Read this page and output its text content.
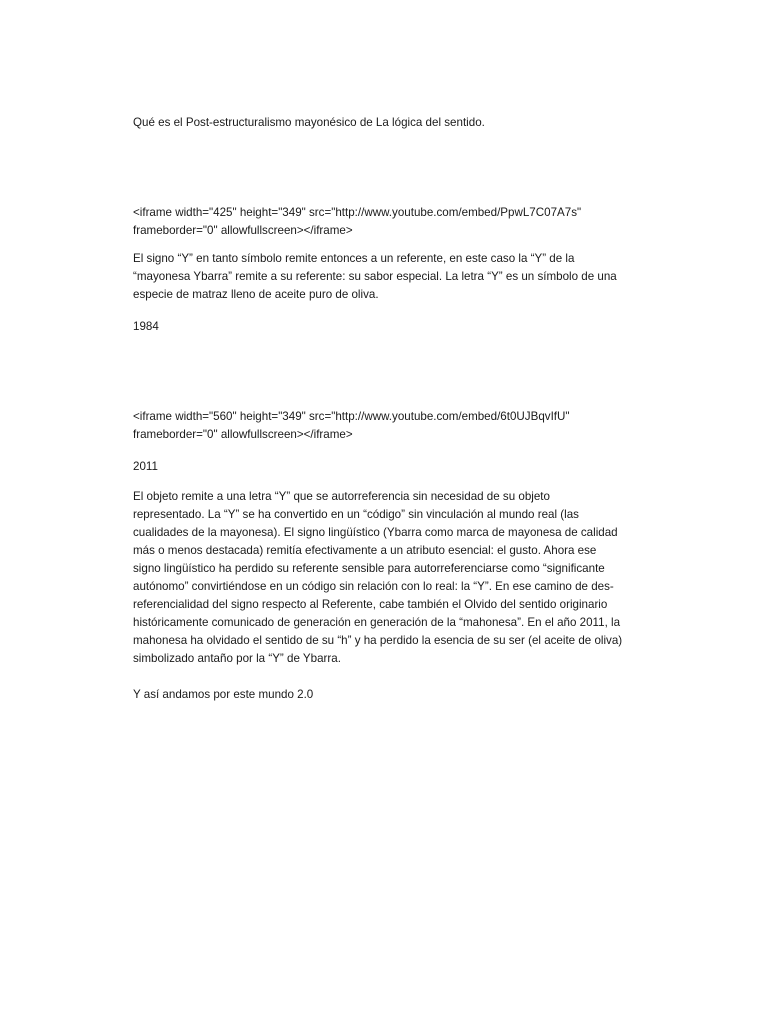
Qué es el Post-estructuralismo mayonésico de La lógica del sentido.
<iframe width="425" height="349" src="http://www.youtube.com/embed/PpwL7C07A7s"
frameborder="0" allowfullscreen></iframe>
El signo “Y” en tanto símbolo remite entonces a un referente, en este caso la “Y” de la
“mayonesa Ybarra” remite a su referente: su sabor especial. La letra “Y” es un símbolo de una
especie de matraz lleno de aceite puro de oliva.
1984
<iframe width="560" height="349" src="http://www.youtube.com/embed/6t0UJBqvIfU"
frameborder="0" allowfullscreen></iframe>
2011
El objeto remite a una letra “Y” que se autorreferencia sin necesidad de su objeto
representado. La “Y” se ha convertido en un “código” sin vinculación al mundo real (las
cualidades de la mayonesa). El signo lingüístico (Ybarra como marca de mayonesa de calidad
más o menos destacada) remitía efectivamente a un atributo esencial: el gusto. Ahora ese
signo lingüístico ha perdido su referente sensible para autorreferenciarse como “significante
autónomo” convirtiéndose en un código sin relación con lo real: la “Y”. En ese camino de des-
referencialidad del signo respecto al Referente, cabe también el Olvido del sentido originario
históricamente comunicado de generación en generación de la “mahonesa”. En el año 2011, la
mahonesa ha olvidado el sentido de su “h” y ha perdido la esencia de su ser (el aceite de oliva)
simbolizado antaño por la “Y” de Ybarra.
Y así andamos por este mundo 2.0
